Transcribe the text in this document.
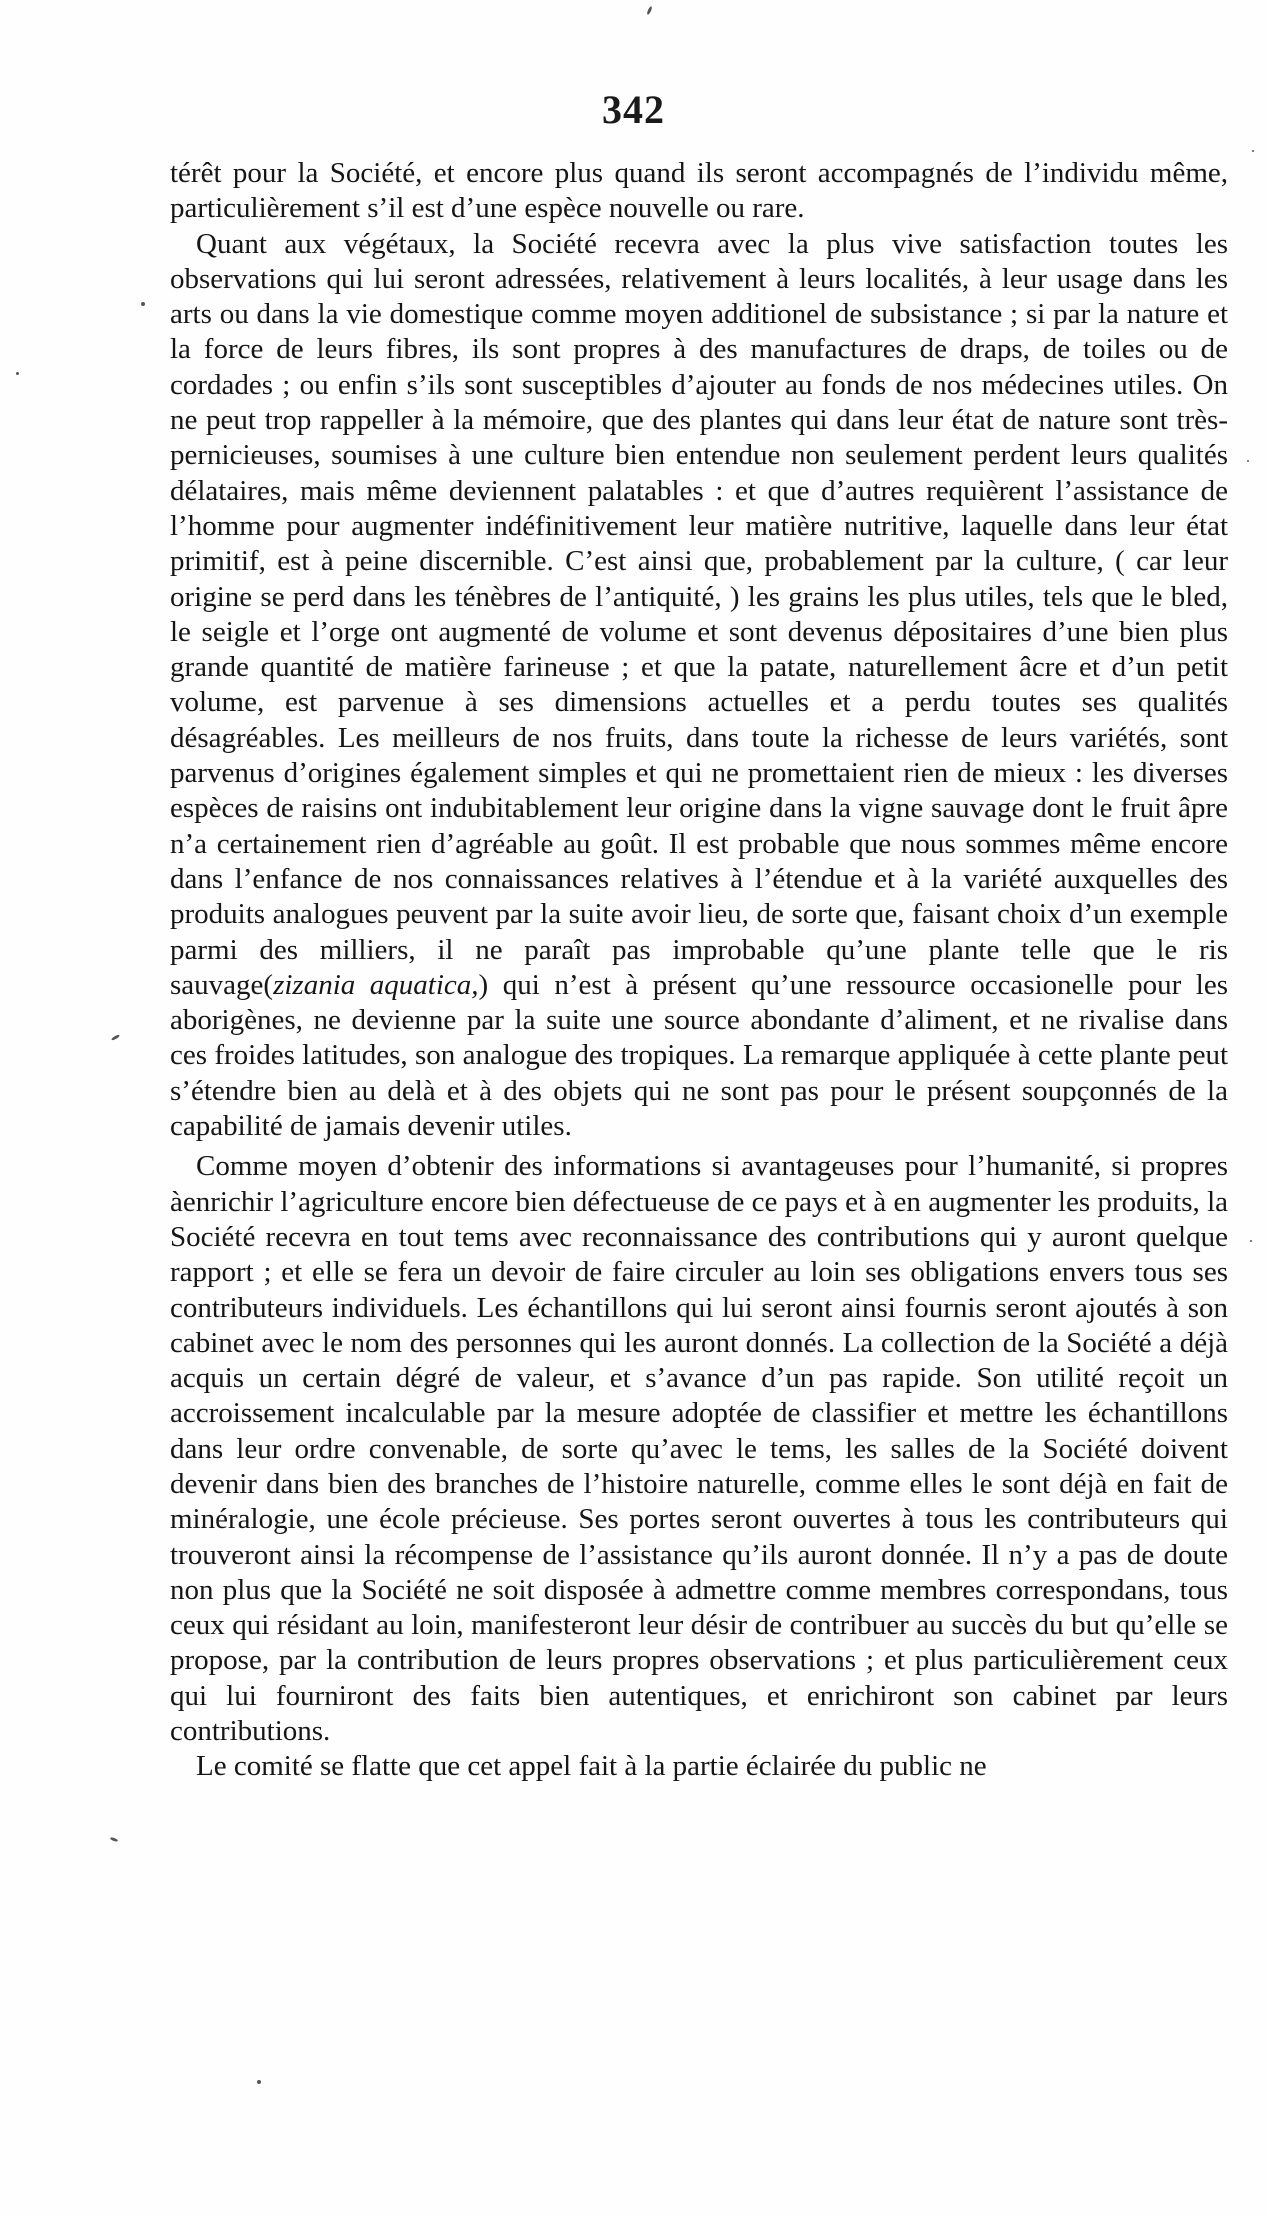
342

térêt pour la Société, et encore plus quand ils seront accompagnés de l’individu même, particulièrement s’il est d’une espèce nouvelle ou rare.

Quant aux végétaux, la Société recevra avec la plus vive satisfaction toutes les observations qui lui seront adressées, relativement à leurs localités, à leur usage dans les arts ou dans la vie domestique comme moyen additionel de subsistance ; si par la nature et la force de leurs fibres, ils sont propres à des manufactures de draps, de toiles ou de cordades ; ou enfin s’ils sont susceptibles d’ajouter au fonds de nos médecines utiles. On ne peut trop rappeller à la mémoire, que des plantes qui dans leur état de nature sont très-pernicieuses, soumises à une culture bien entendue non seulement perdent leurs qualités délataires, mais même deviennent palatables : et que d’autres requièrent l’assistance de l’homme pour augmenter indéfinitivement leur matière nutritive, laquelle dans leur état primitif, est à peine discernible. C’est ainsi que, probablement par la culture, ( car leur origine se perd dans les ténèbres de l’antiquité, ) les grains les plus utiles, tels que le bled, le seigle et l’orge ont augmenté de volume et sont devenus dépositaires d’une bien plus grande quantité de matière farineuse ; et que la patate, naturellement âcre et d’un petit volume, est parvenue à ses dimensions actuelles et a perdu toutes ses qualités désagréables. Les meilleurs de nos fruits, dans toute la richesse de leurs variétés, sont parvenus d’origines également simples et qui ne promettaient rien de mieux : les diverses espèces de raisins ont indubitablement leur origine dans la vigne sauvage dont le fruit âpre n’a certainement rien d’agréable au goût. Il est probable que nous sommes même encore dans l’enfance de nos connaissances relatives à l’étendue et à la variété auxquelles des produits analogues peuvent par la suite avoir lieu, de sorte que, faisant choix d’un exemple parmi des milliers, il ne paraît pas improbable qu’une plante telle que le ris sauvage(zizania aquatica,) qui n’est à présent qu’une ressource occasionelle pour les aborigènes, ne devienne par la suite une source abondante d’aliment, et ne rivalise dans ces froides latitudes, son analogue des tropiques. La remarque appliquée à cette plante peut s’étendre bien au delà et à des objets qui ne sont pas pour le présent soupçonnés de la capabilité de jamais devenir utiles.

Comme moyen d’obtenir des informations si avantageuses pour l’humanité, si propres àenrichir l’agriculture encore bien défectueuse de ce pays et à en augmenter les produits, la Société recevra en tout tems avec reconnaissance des contributions qui y auront quelque rapport ; et elle se fera un devoir de faire circuler au loin ses obligations envers tous ses contributeurs individuels. Les échantillons qui lui seront ainsi fournis seront ajoutés à son cabinet avec le nom des personnes qui les auront donnés. La collection de la Société a déjà acquis un certain dégré de valeur, et s’avance d’un pas rapide. Son utilité reçoit un accroissement incalculable par la mesure adoptée de classifier et mettre les échantillons dans leur ordre convenable, de sorte qu’avec le tems, les salles de la Société doivent devenir dans bien des branches de l’histoire naturelle, comme elles le sont déjà en fait de minéralogie, une école précieuse. Ses portes seront ouvertes à tous les contributeurs qui trouveront ainsi la récompense de l’assistance qu’ils auront donnée. Il n’y a pas de doute non plus que la Société ne soit disposée à admettre comme membres correspondans, tous ceux qui résidant au loin, manifesteront leur désir de contribuer au succès du but qu’elle se propose, par la contribution de leurs propres observations ; et plus particulièrement ceux qui lui fourniront des faits bien autentiques, et enrichiront son cabinet par leurs contributions.

Le comité se flatte que cet appel fait à la partie éclairée du public ne
